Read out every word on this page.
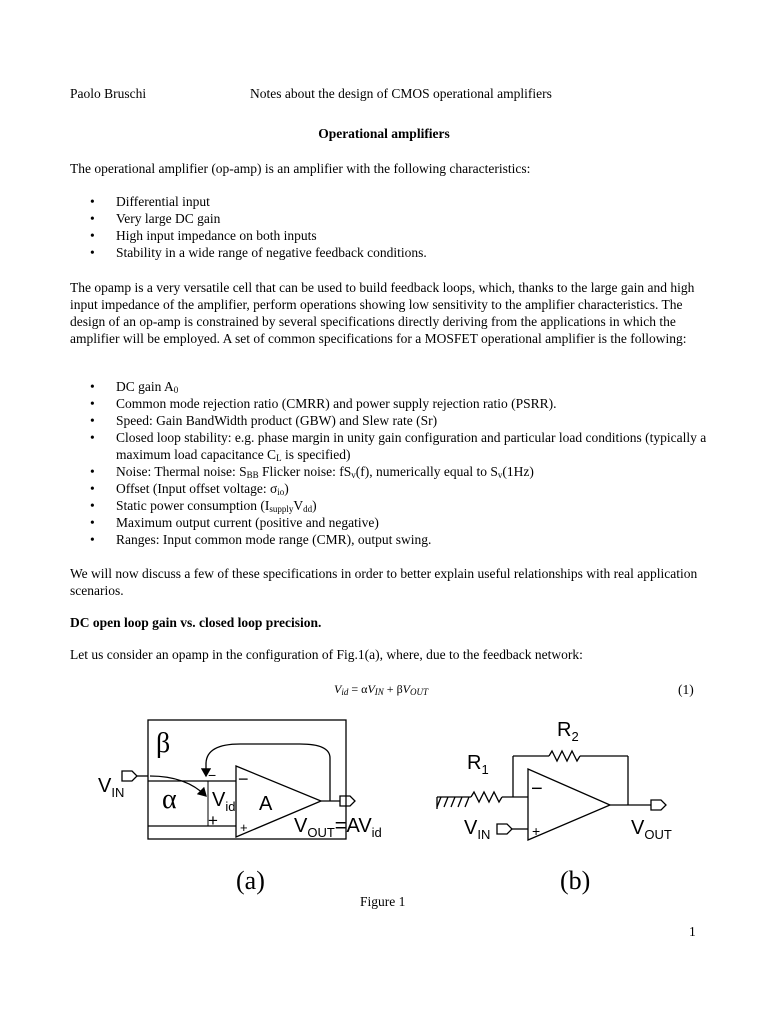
Paolo Bruschi	Notes about the design of CMOS operational amplifiers
Operational amplifiers

The operational amplifier (op-amp) is an amplifier with the following characteristics:

• Differential input
• Very large DC gain
• High input impedance on both inputs
• Stability in a wide range of negative feedback conditions.

The opamp is a very versatile cell that can be used to build feedback loops, which, thanks to the large gain and high input impedance of the amplifier, perform operations showing low sensitivity to the amplifier characteristics. The design of an op-amp is constrained by several specifications directly deriving from the applications in which the amplifier will be employed. A set of common specifications for a MOSFET operational amplifier is the following:

• DC gain $A_0$
• Common mode rejection ratio (CMRR) and power supply rejection ratio (PSRR).
• Speed: Gain BandWidth product (GBW) and Slew rate (Sr)
• Closed loop stability: e.g. phase margin in unity gain configuration and particular load conditions (typically a maximum load capacitance $C_L$ is specified)
• Noise: Thermal noise: $S_{BB}$ Flicker noise: $fS_v(f)$, numerically equal to $S_v(1Hz)$
• Offset (Input offset voltage: $\sigma_{io}$)
• Static power consumption $(I_{supply}V_{dd})$
• Maximum output current (positive and negative)
• Ranges: Input common mode range (CMR), output swing.

We will now discuss a few of these specifications in order to better explain useful relationships with real application scenarios.

DC open loop gain vs. closed loop precision.

Let us consider an opamp in the configuration of Fig.1(a), where, due to the feedback network:

$V_{id} = \alpha V_{IN} + \beta V_{OUT}$	(1)
$V_{IN}$
β
α $V_{id}$ A
−
−
+
+	$V_{OUT}=AV_{id}$
$R_2$
$R_1$
$V_{IN}$	$V_{OUT}$
−
+
(a)	(b)
Figure 1
1
